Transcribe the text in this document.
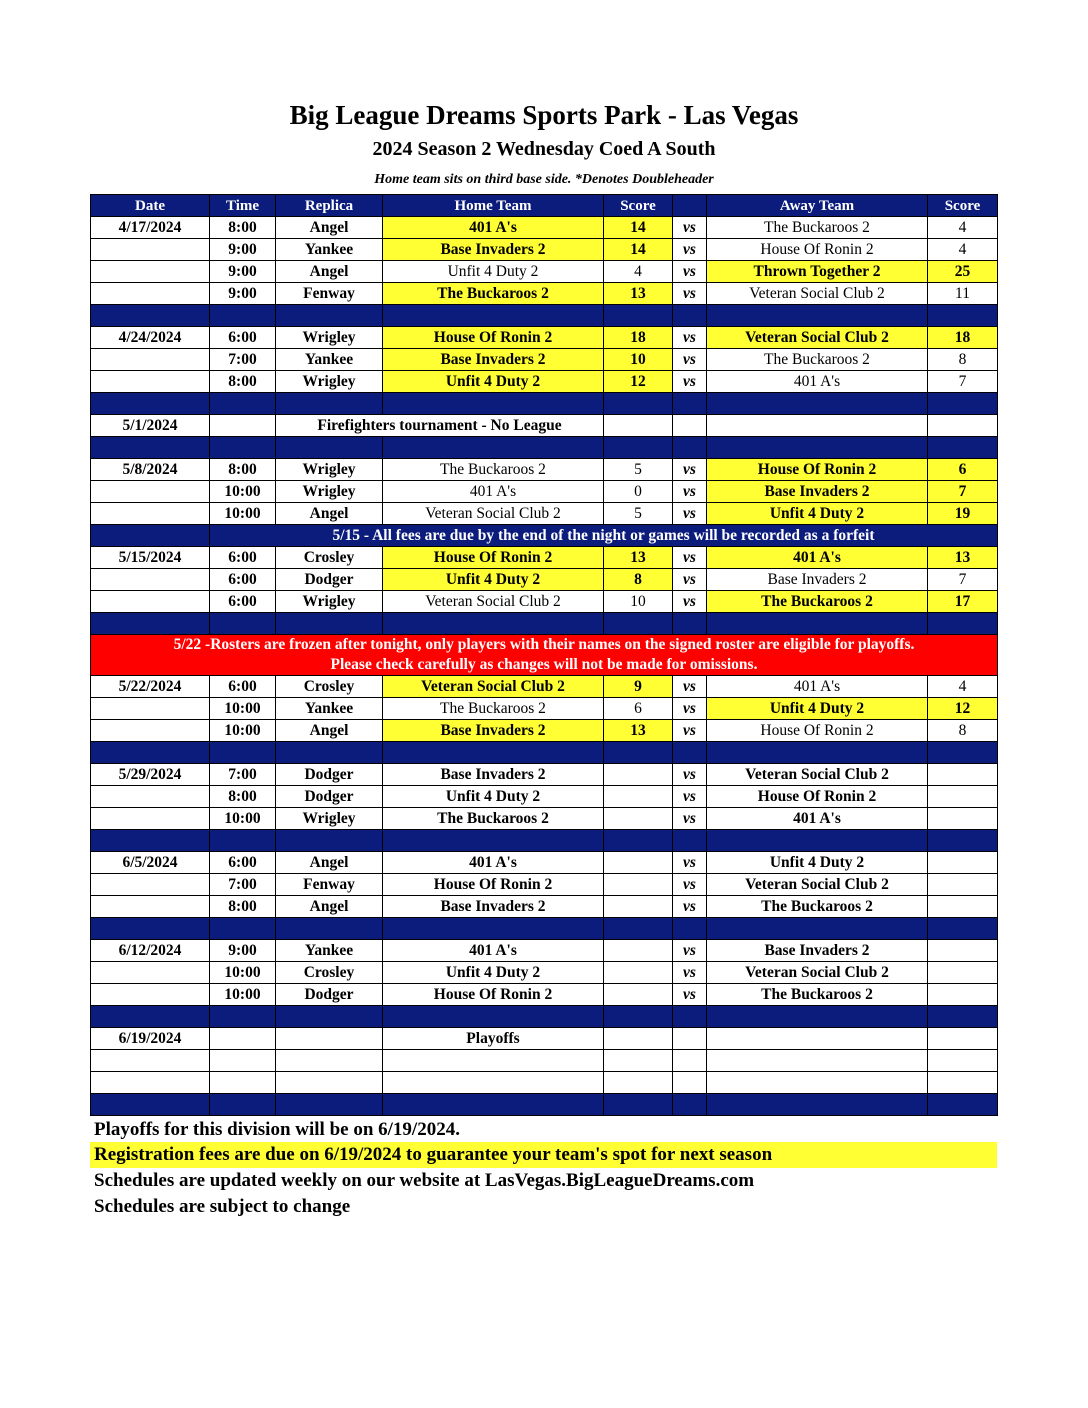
Big League Dreams Sports Park - Las Vegas
2024 Season 2 Wednesday Coed A South
Home team sits on third base side. *Denotes Doubleheader
Date	Time	Replica	Home Team	Score		Away Team	Score
4/17/2024	8:00	Angel	401 A's	14	vs	The Buckaroos 2	4
	9:00	Yankee	Base Invaders 2	14	vs	House Of Ronin 2	4
	9:00	Angel	Unfit 4 Duty 2	4	vs	Thrown Together 2	25
	9:00	Fenway	The Buckaroos 2	13	vs	Veteran Social Club 2	11

4/24/2024	6:00	Wrigley	House Of Ronin 2	18	vs	Veteran Social Club 2	18
	7:00	Yankee	Base Invaders 2	10	vs	The Buckaroos 2	8
	8:00	Wrigley	Unfit 4 Duty 2	12	vs	401 A's	7

5/1/2024		Firefighters tournament - No League					

5/8/2024	8:00	Wrigley	The Buckaroos 2	5	vs	House Of Ronin 2	6
	10:00	Wrigley	401 A's	0	vs	Base Invaders 2	7
	10:00	Angel	Veteran Social Club 2	5	vs	Unfit 4 Duty 2	19
	5/15 - All fees are due by the end of the night or games will be recorded as a forfeit						
5/15/2024	6:00	Crosley	House Of Ronin 2	13	vs	401 A's	13
	6:00	Dodger	Unfit 4 Duty 2	8	vs	Base Invaders 2	7
	6:00	Wrigley	Veteran Social Club 2	10	vs	The Buckaroos 2	17

5/22 -Rosters are frozen after tonight, only players with their names on the signed roster are eligible for playoffs.
Please check carefully as changes will not be made for omissions.							

5/22/2024	6:00	Crosley	Veteran Social Club 2	9	vs	401 A's	4
	10:00	Yankee	The Buckaroos 2	6	vs	Unfit 4 Duty 2	12
	10:00	Angel	Base Invaders 2	13	vs	House Of Ronin 2	8

5/29/2024	7:00	Dodger	Base Invaders 2		vs	Veteran Social Club 2	
	8:00	Dodger	Unfit 4 Duty 2		vs	House Of Ronin 2	
	10:00	Wrigley	The Buckaroos 2		vs	401 A's	

6/5/2024	6:00	Angel	401 A's		vs	Unfit 4 Duty 2	
	7:00	Fenway	House Of Ronin 2		vs	Veteran Social Club 2	
	8:00	Angel	Base Invaders 2		vs	The Buckaroos 2	

6/12/2024	9:00	Yankee	401 A's		vs	Base Invaders 2	
	10:00	Crosley	Unfit 4 Duty 2		vs	Veteran Social Club 2	
	10:00	Dodger	House Of Ronin 2		vs	The Buckaroos 2	

6/19/2024			Playoffs				

Playoffs for this division will be on 6/19/2024.
Registration fees are due on 6/19/2024 to guarantee your team's spot for next season
Schedules are updated weekly on our website at LasVegas.BigLeagueDreams.com
Schedules are subject to change
